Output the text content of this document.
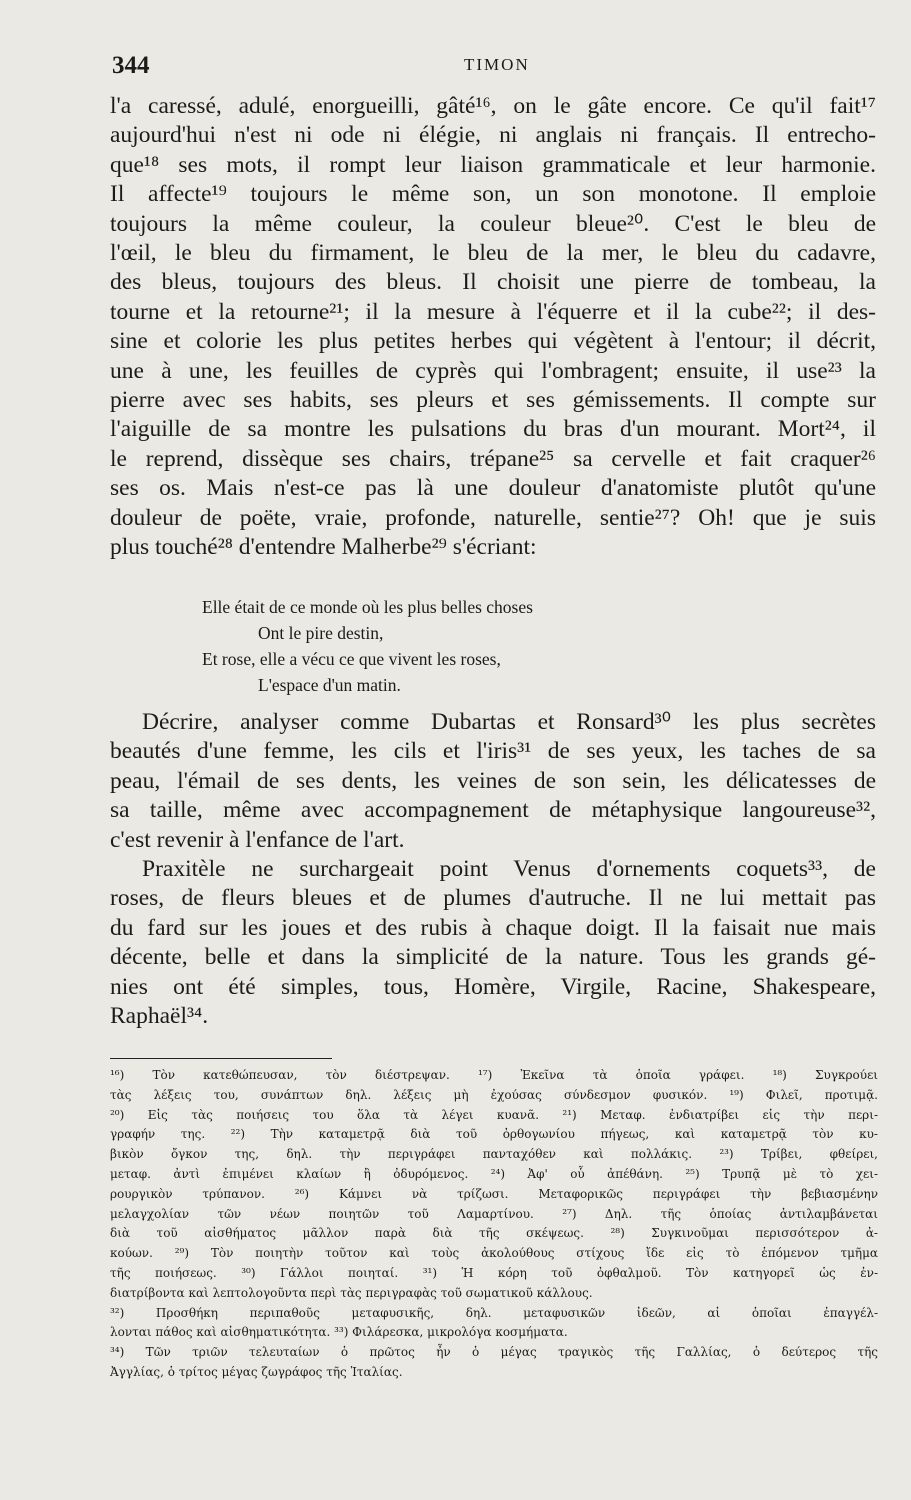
344	TIMON
l'a caressé, adulé, enorgueilli, gâté¹⁶, on le gâte encore. Ce qu'il fait¹⁷
aujourd'hui n'est ni ode ni élégie, ni anglais ni français. Il entrecho-
que¹⁸ ses mots, il rompt leur liaison grammaticale et leur harmonie.
Il affecte¹⁹ toujours le même son, un son monotone. Il emploie
toujours la même couleur, la couleur bleue²⁰. C'est le bleu de
l'œil, le bleu du firmament, le bleu de la mer, le bleu du cadavre,
des bleus, toujours des bleus. Il choisit une pierre de tombeau, la
tourne et la retourne²¹; il la mesure à l'équerre et il la cube²²; il des-
sine et colorie les plus petites herbes qui végètent à l'entour; il décrit,
une à une, les feuilles de cyprès qui l'ombragent; ensuite, il use²³ la
pierre avec ses habits, ses pleurs et ses gémissements. Il compte sur
l'aiguille de sa montre les pulsations du bras d'un mourant. Mort²⁴, il
le reprend, dissèque ses chairs, trépane²⁵ sa cervelle et fait craquer²⁶
ses os. Mais n'est-ce pas là une douleur d'anatomiste plutôt qu'une
douleur de poëte, vraie, profonde, naturelle, sentie²⁷? Oh! que je suis
plus touché²⁸ d'entendre Malherbe²⁹ s'écriant:
Elle était de ce monde où les plus belles choses
Ont le pire destin,
Et rose, elle a vécu ce que vivent les roses,
L'espace d'un matin.
Décrire, analyser comme Dubartas et Ronsard³⁰ les plus secrètes
beautés d'une femme, les cils et l'iris³¹ de ses yeux, les taches de sa
peau, l'émail de ses dents, les veines de son sein, les délicatesses de
sa taille, même avec accompagnement de métaphysique langoureuse³²,
c'est revenir à l'enfance de l'art.
Praxitèle ne surchargeait point Venus d'ornements coquets³³, de
roses, de fleurs bleues et de plumes d'autruche. Il ne lui mettait pas
du fard sur les joues et des rubis à chaque doigt. Il la faisait nue mais
décente, belle et dans la simplicité de la nature. Tous les grands gé-
nies ont été simples, tous, Homère, Virgile, Racine, Shakespeare,
Raphaël³⁴.
¹⁶) Τὸν κατεθώπευσαν, τὸν διέστρεψαν. ¹⁷) Ἐκεῖνα τὰ ὁποῖα γράφει. ¹⁸) Συγκρούει
τὰς λέξεις του, συνάπτων δηλ. λέξεις μὴ ἐχούσας σύνδεσμον φυσικόν. ¹⁹) Φιλεῖ, προτιμᾷ.
²⁰) Εἰς τὰς ποιήσεις του ὅλα τὰ λέγει κυανᾶ. ²¹) Μεταφ. ἐνδιατρίβει εἰς τὴν περι-
γραφήν της. ²²) Τὴν καταμετρᾷ διὰ τοῦ ὀρθογωνίου πήγεως, καὶ καταμετρᾷ τὸν κυ-
βικὸν ὄγκον της, δηλ. τὴν περιγράφει πανταχόθεν καὶ πολλάκις. ²³) Τρίβει, φθείρει,
μεταφ. ἀντὶ ἐπιμένει κλαίων ἢ ὀδυρόμενος. ²⁴) Ἀφ' οὗ ἀπέθάνη. ²⁵) Τρυπᾷ μὲ τὸ χει-
ρουργικὸν τρύπανον. ²⁶) Κάμνει νὰ τρίζωσι. Μεταφορικῶς περιγράφει τὴν βεβιασμένην
μελαγχολίαν τῶν νέων ποιητῶν τοῦ Λαμαρτίνου. ²⁷) Δηλ. τῆς ὁποίας ἀντιλαμβάνεται
διὰ τοῦ αἰσθήματος μᾶλλον παρὰ διὰ τῆς σκέψεως. ²⁸) Συγκινοῦμαι περισσότερον ἀ-
κούων. ²⁹) Τὸν ποιητὴν τοῦτον καὶ τοὺς ἀκολούθους στίχους ἴδε εἰς τὸ ἑπόμενον τμῆμα
τῆς ποιήσεως. ³⁰) Γάλλοι ποιηταί. ³¹) Ἡ κόρη τοῦ ὀφθαλμοῦ. Τὸν κατηγορεῖ ὡς ἐν-
διατρίβοντα καὶ λεπτολογοῦντα περὶ τὰς περιγραφὰς τοῦ σωματικοῦ κάλλους.
³²) Προσθήκη περιπαθοῦς μεταφυσικῆς, δηλ. μεταφυσικῶν ἰδεῶν, αἱ ὁποῖαι ἐπαγγέλ-
λονται πάθος καὶ αἰσθηματικότητα. ³³) Φιλάρεσκα, μικρολόγα κοσμήματα.
³⁴) Τῶν τριῶν τελευταίων ὁ πρῶτος ἦν ὁ μέγας τραγικὸς τῆς Γαλλίας, ὁ δεύτερος τῆς
Ἀγγλίας, ὁ τρίτος μέγας ζωγράφος τῆς Ἰταλίας.
